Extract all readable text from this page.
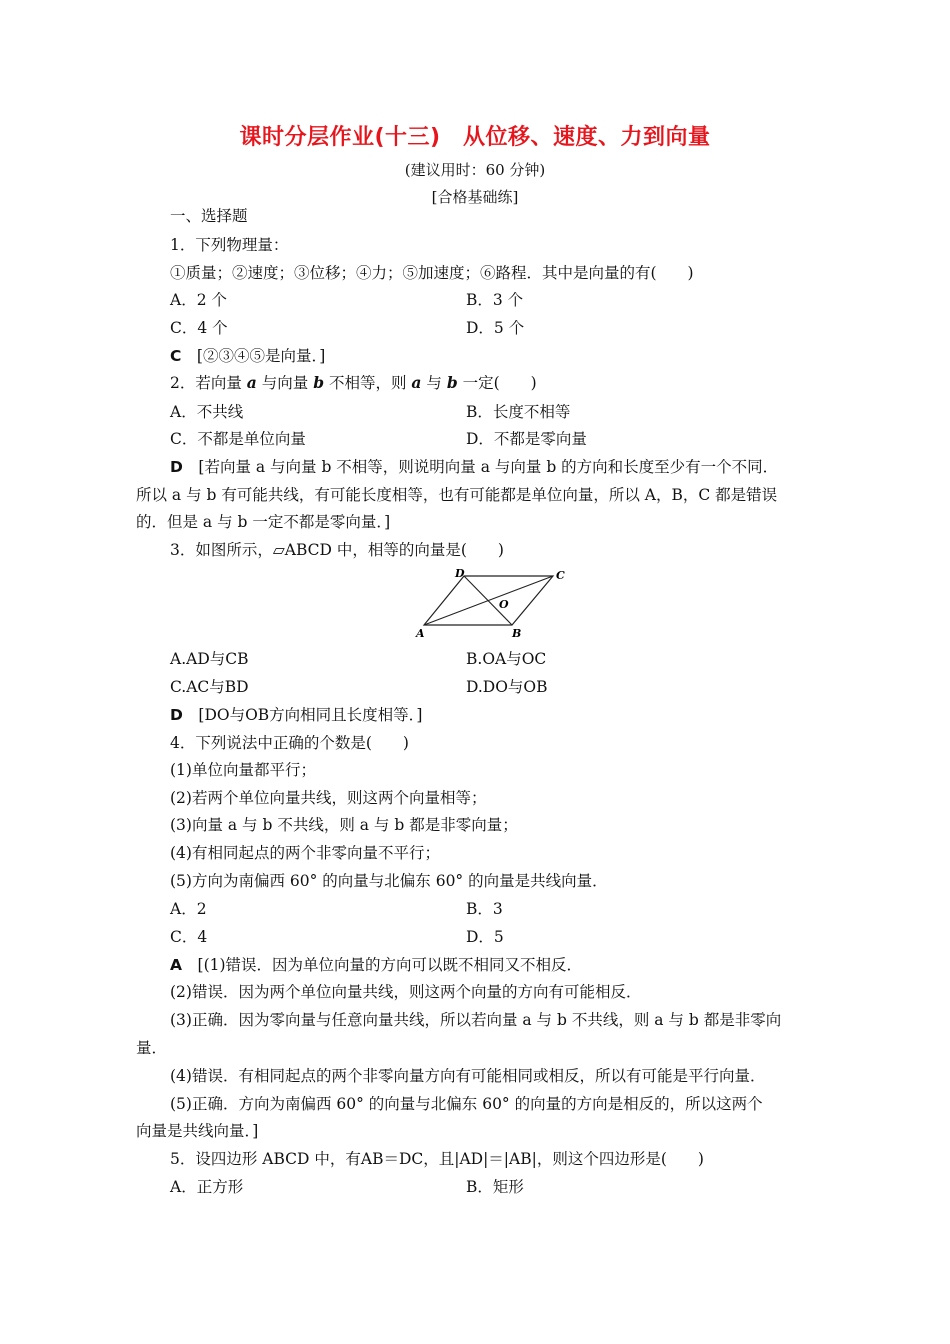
课时分层作业(十三)　从位移、速度、力到向量
(建议用时：60 分钟)
[合格基础练]
一、选择题
1．下列物理量：
①质量；②速度；③位移；④力；⑤加速度；⑥路程．其中是向量的有(　　)
A．2 个	B．3 个
C．4 个	D．5 个
C　 [②③④⑤是向量．]
2．若向量 a 与向量 b 不相等，则 a 与 b 一定(　　)
A．不共线	B．长度不相等
C．不都是单位向量	D．不都是零向量
D　 [若向量 a 与向量 b 不相等，则说明向量 a 与向量 b 的方向和长度至少有一个不同．
所以 a 与 b 有可能共线，有可能长度相等，也有可能都是单位向量，所以 A，B，C 都是错误
的．但是 a 与 b 一定不都是零向量．]
3．如图所示，▱ABCD 中，相等的向量是(　　)
A	B
C
D
O
A.AD与CB	B.OA与OC
C.AC与BD	D.DO与OB
D　 [DO与OB方向相同且长度相等．]
4．下列说法中正确的个数是(　　)
(1)单位向量都平行；
(2)若两个单位向量共线，则这两个向量相等；
(3)向量 a 与 b 不共线，则 a 与 b 都是非零向量；
(4)有相同起点的两个非零向量不平行；
(5)方向为南偏西 60° 的向量与北偏东 60° 的向量是共线向量．
A．2	B．3
C．4	D．5
A　 [(1)错误．因为单位向量的方向可以既不相同又不相反．
(2)错误．因为两个单位向量共线，则这两个向量的方向有可能相反．
(3)正确．因为零向量与任意向量共线，所以若向量 a 与 b 不共线，则 a 与 b 都是非零向
量．
(4)错误．有相同起点的两个非零向量方向有可能相同或相反，所以有可能是平行向量．
(5)正确．方向为南偏西 60° 的向量与北偏东 60° 的向量的方向是相反的，所以这两个
向量是共线向量．]
5．设四边形 ABCD 中，有AB＝DC，且|AD|＝|AB|，则这个四边形是(　　)
A．正方形	B．矩形
